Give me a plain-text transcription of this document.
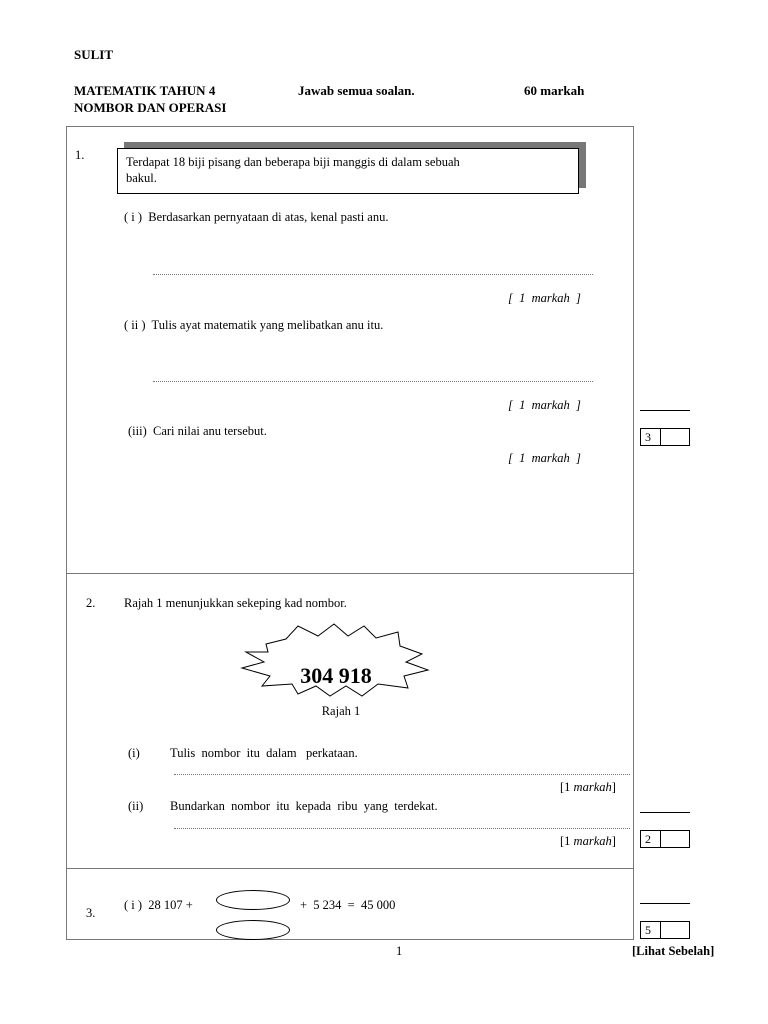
SULIT
MATEMATIK TAHUN 4
NOMBOR DAN OPERASI
Jawab semua soalan.	60 markah
1.	Terdapat 18 biji pisang dan beberapa biji manggis di dalam sebuah
bakul.
( i )  Berdasarkan pernyataan di atas, kenal pasti anu.
[  1  markah  ]
( ii )  Tulis ayat matematik yang melibatkan anu itu.
[  1  markah  ]
(iii)  Cari nilai anu tersebut.
[  1  markah  ]
3
2. Rajah 1 menunjukkan sekeping kad nombor.
304 918
Rajah 1
(i) Tulis  nombor  itu  dalam   perkataan.
[1 markah]
(ii) Bundarkan  nombor  itu  kepada  ribu  yang  terdekat.
[1 markah]	2
3.
( i )  28 107 +	+  5 234  =  45 000
5
1	[Lihat Sebelah]
